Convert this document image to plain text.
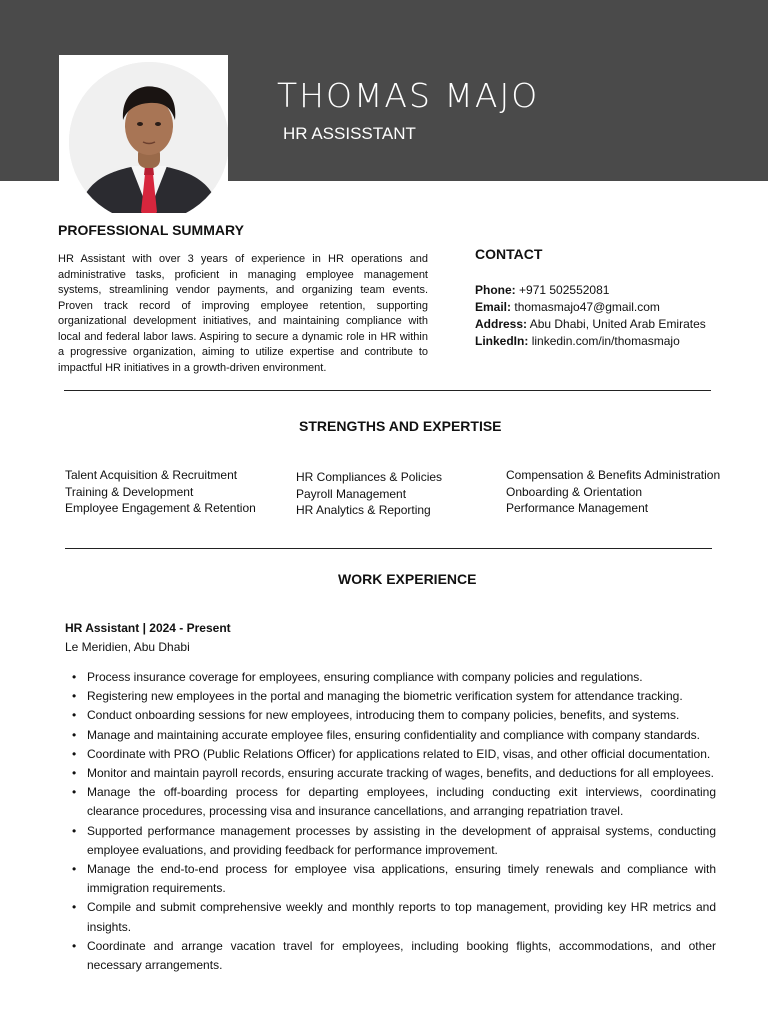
THOMAS MAJO
HR ASSISSTANT
PROFESSIONAL SUMMARY

HR Assistant with over 3 years of experience in HR operations and administrative tasks, proficient in managing employee management systems, streamlining vendor payments, and organizing team events. Proven track record of improving employee retention, supporting organizational development initiatives, and maintaining compliance with local and federal labor laws. Aspiring to secure a dynamic role in HR within a progressive organization, aiming to utilize expertise and contribute to impactful HR initiatives in a growth-driven environment.

CONTACT
Phone: +971 502552081
Email: thomasmajo47@gmail.com
Address: Abu Dhabi, United Arab Emirates
LinkedIn: linkedin.com/in/thomasmajo
STRENGTHS AND EXPERTISE
Talent Acquisition & Recruitment
Training & Development
Employee Engagement & Retention
HR Compliances & Policies
Payroll Management
HR Analytics & Reporting
Compensation & Benefits Administration
Onboarding & Orientation
Performance Management
WORK EXPERIENCE
HR Assistant | 2024 - Present
Le Meridien, Abu Dhabi
• Process insurance coverage for employees, ensuring compliance with company policies and regulations.
• Registering new employees in the portal and managing the biometric verification system for attendance tracking.
• Conduct onboarding sessions for new employees, introducing them to company policies, benefits, and systems.
• Manage and maintaining accurate employee files, ensuring confidentiality and compliance with company standards.
• Coordinate with PRO (Public Relations Officer) for applications related to EID, visas, and other official documentation.
• Monitor and maintain payroll records, ensuring accurate tracking of wages, benefits, and deductions for all employees.
• Manage the off-boarding process for departing employees, including conducting exit interviews, coordinating clearance procedures, processing visa and insurance cancellations, and arranging repatriation travel.
• Supported performance management processes by assisting in the development of appraisal systems, conducting employee evaluations, and providing feedback for performance improvement.
• Manage the end-to-end process for employee visa applications, ensuring timely renewals and compliance with immigration requirements.
• Compile and submit comprehensive weekly and monthly reports to top management, providing key HR metrics and insights.
• Coordinate and arrange vacation travel for employees, including booking flights, accommodations, and other necessary arrangements.
